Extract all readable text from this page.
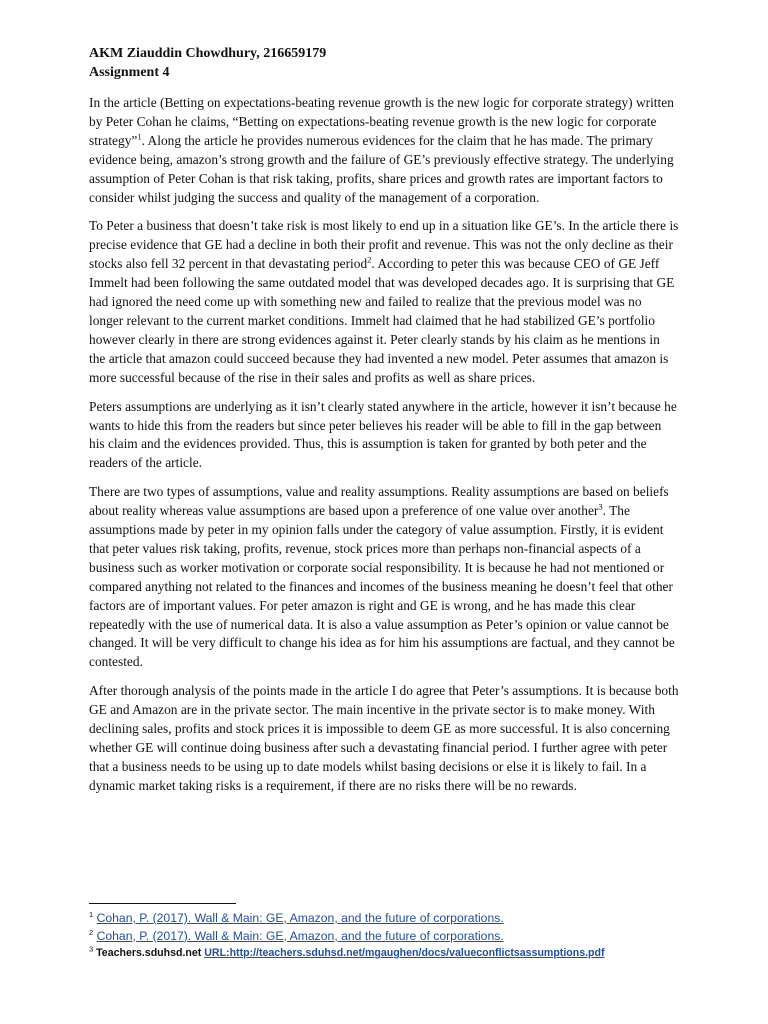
AKM Ziauddin Chowdhury, 216659179

Assignment 4

In the article (Betting on expectations-beating revenue growth is the new logic for corporate strategy) written by Peter Cohan he claims, “Betting on expectations-beating revenue growth is the new logic for corporate strategy”$^1$. Along the article he provides numerous evidences for the claim that he has made. The primary evidence being, amazon’s strong growth and the failure of GE’s previously effective strategy. The underlying assumption of Peter Cohan is that risk taking, profits, share prices and growth rates are important factors to consider whilst judging the success and quality of the management of a corporation.

To Peter a business that doesn’t take risk is most likely to end up in a situation like GE’s. In the article there is precise evidence that GE had a decline in both their profit and revenue. This was not the only decline as their stocks also fell 32 percent in that devastating period$^2$. According to peter this was because CEO of GE Jeff Immelt had been following the same outdated model that was developed decades ago. It is surprising that GE had ignored the need come up with something new and failed to realize that the previous model was no longer relevant to the current market conditions. Immelt had claimed that he had stabilized GE’s portfolio however clearly in there are strong evidences against it. Peter clearly stands by his claim as he mentions in the article that amazon could succeed because they had invented a new model. Peter assumes that amazon is more successful because of the rise in their sales and profits as well as share prices.

Peters assumptions are underlying as it isn’t clearly stated anywhere in the article, however it isn’t because he wants to hide this from the readers but since peter believes his reader will be able to fill in the gap between his claim and the evidences provided. Thus, this is assumption is taken for granted by both peter and the readers of the article.

There are two types of assumptions, value and reality assumptions. Reality assumptions are based on beliefs about reality whereas value assumptions are based upon a preference of one value over another$^3$. The assumptions made by peter in my opinion falls under the category of value assumption. Firstly, it is evident that peter values risk taking, profits, revenue, stock prices more than perhaps non-financial aspects of a business such as worker motivation or corporate social responsibility. It is because he had not mentioned or compared anything not related to the finances and incomes of the business meaning he doesn’t feel that other factors are of important values. For peter amazon is right and GE is wrong, and he has made this clear repeatedly with the use of numerical data. It is also a value assumption as Peter’s opinion or value cannot be changed. It will be very difficult to change his idea as for him his assumptions are factual, and they cannot be contested.

After thorough analysis of the points made in the article I do agree that Peter’s assumptions. It is because both GE and Amazon are in the private sector. The main incentive in the private sector is to make money. With declining sales, profits and stock prices it is impossible to deem GE as more successful. It is also concerning whether GE will continue doing business after such a devastating financial period. I further agree with peter that a business needs to be using up to date models whilst basing decisions or else it is likely to fail. In a dynamic market taking risks is a requirement, if there are no risks there will be no rewards.

$^1$ Cohan, P. (2017). Wall & Main: GE, Amazon, and the future of corporations.

$^2$ Cohan, P. (2017). Wall & Main: GE, Amazon, and the future of corporations.

$^3$ Teachers.sduhsd.net URL:http://teachers.sduhsd.net/mgaughen/docs/valueconflictsassumptions.pdf
